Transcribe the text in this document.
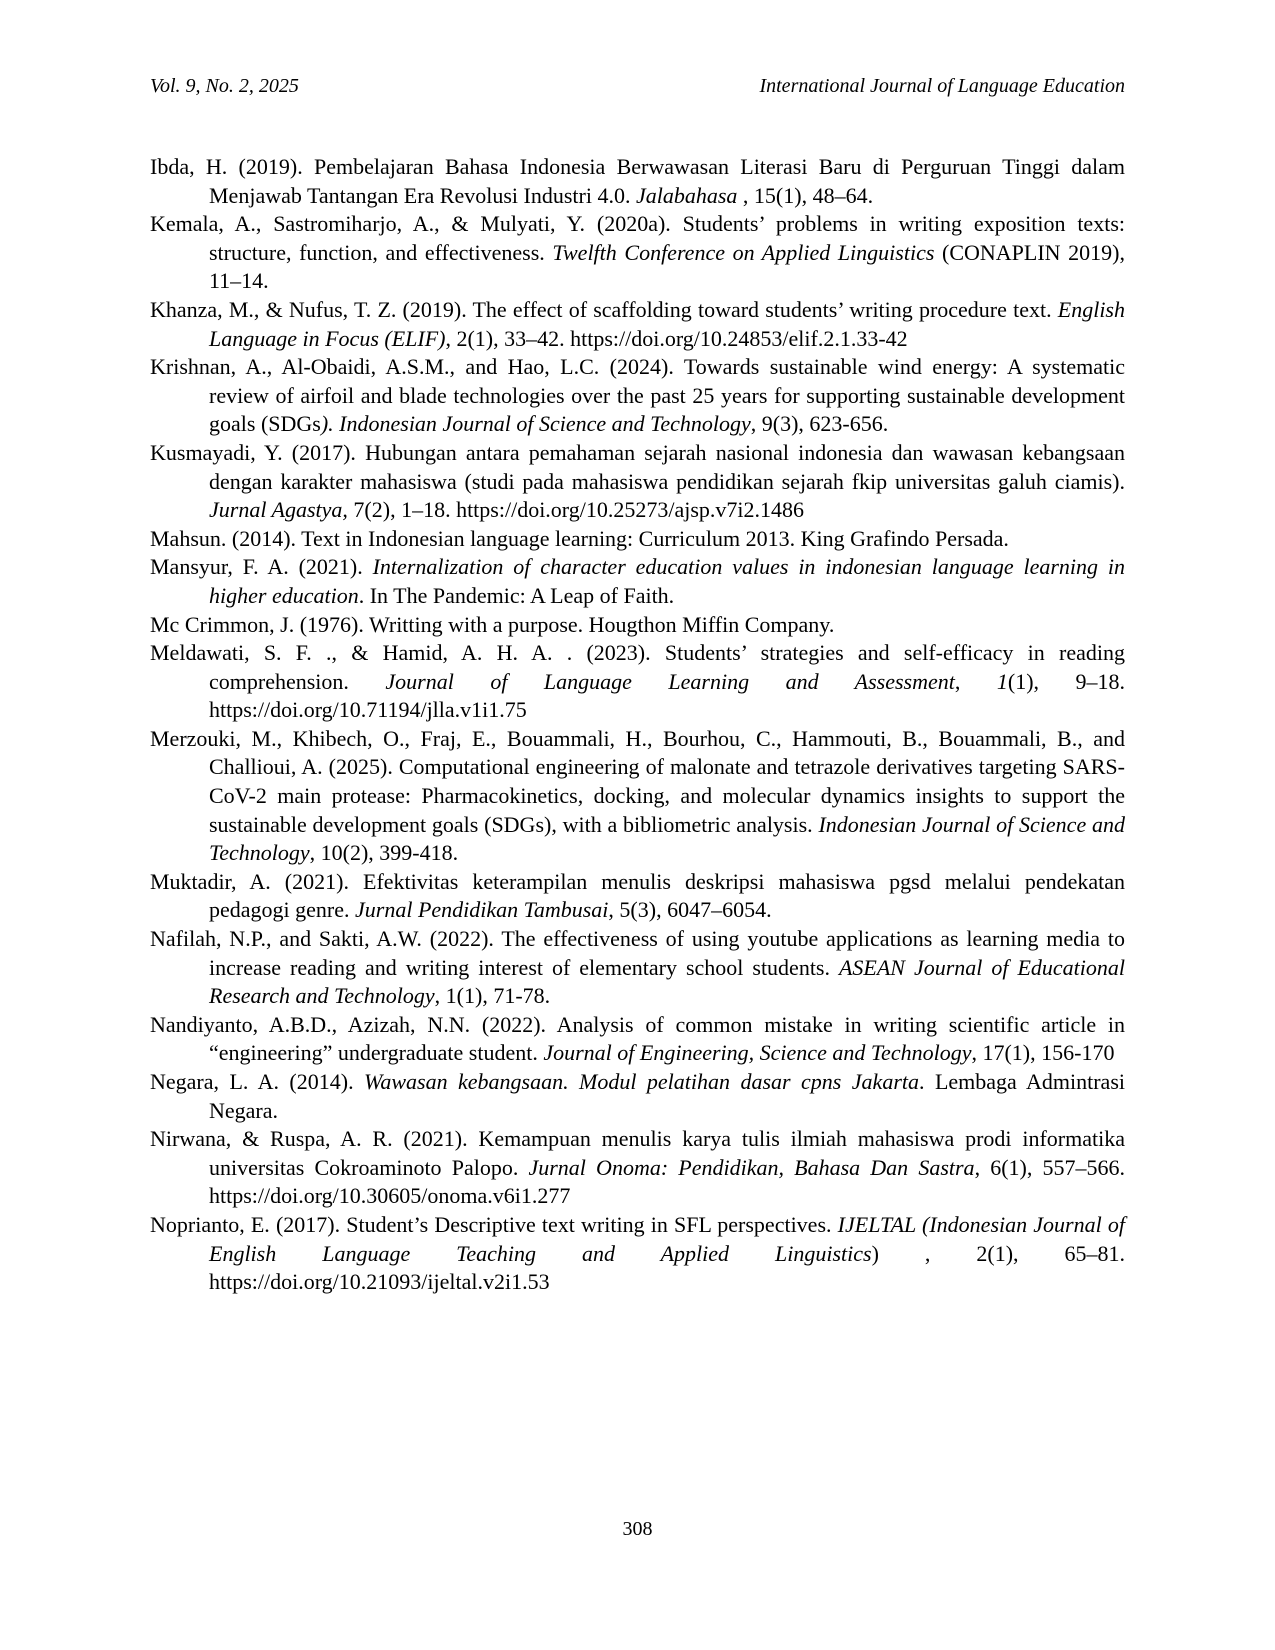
Vol. 9, No. 2, 2025	International Journal of Language Education

Ibda, H. (2019). Pembelajaran Bahasa Indonesia Berwawasan Literasi Baru di Perguruan Tinggi dalam Menjawab Tantangan Era Revolusi Industri 4.0. Jalabahasa , 15(1), 48–64.

Kemala, A., Sastromiharjo, A., & Mulyati, Y. (2020a). Students’ problems in writing exposition texts: structure, function, and effectiveness. Twelfth Conference on Applied Linguistics (CONAPLIN 2019), 11–14.

Khanza, M., & Nufus, T. Z. (2019). The effect of scaffolding toward students’ writing procedure text. English Language in Focus (ELIF), 2(1), 33–42. https://doi.org/10.24853/elif.2.1.33-42

Krishnan, A., Al-Obaidi, A.S.M., and Hao, L.C. (2024). Towards sustainable wind energy: A systematic review of airfoil and blade technologies over the past 25 years for supporting sustainable development goals (SDGs). Indonesian Journal of Science and Technology, 9(3), 623-656.

Kusmayadi, Y. (2017). Hubungan antara pemahaman sejarah nasional indonesia dan wawasan kebangsaan dengan karakter mahasiswa (studi pada mahasiswa pendidikan sejarah fkip universitas galuh ciamis). Jurnal Agastya, 7(2), 1–18. https://doi.org/10.25273/ajsp.v7i2.1486

Mahsun. (2014). Text in Indonesian language learning: Curriculum 2013. King Grafindo Persada.

Mansyur, F. A. (2021). Internalization of character education values in indonesian language learning in higher education. In The Pandemic: A Leap of Faith.

Mc Crimmon, J. (1976). Writting with a purpose. Hougthon Miffin Company.

Meldawati, S. F. ., & Hamid, A. H. A. . (2023). Students’ strategies and self-efficacy in reading comprehension. Journal of Language Learning and Assessment, 1(1), 9–18. https://doi.org/10.71194/jlla.v1i1.75

Merzouki, M., Khibech, O., Fraj, E., Bouammali, H., Bourhou, C., Hammouti, B., Bouammali, B., and Challioui, A. (2025). Computational engineering of malonate and tetrazole derivatives targeting SARS-CoV-2 main protease: Pharmacokinetics, docking, and molecular dynamics insights to support the sustainable development goals (SDGs), with a bibliometric analysis. Indonesian Journal of Science and Technology, 10(2), 399-418.

Muktadir, A. (2021). Efektivitas keterampilan menulis deskripsi mahasiswa pgsd melalui pendekatan pedagogi genre. Jurnal Pendidikan Tambusai, 5(3), 6047–6054.

Nafilah, N.P., and Sakti, A.W. (2022). The effectiveness of using youtube applications as learning media to increase reading and writing interest of elementary school students. ASEAN Journal of Educational Research and Technology, 1(1), 71-78.

Nandiyanto, A.B.D., Azizah, N.N. (2022). Analysis of common mistake in writing scientific article in “engineering” undergraduate student. Journal of Engineering, Science and Technology, 17(1), 156-170

Negara, L. A. (2014). Wawasan kebangsaan. Modul pelatihan dasar cpns Jakarta. Lembaga Admintrasi Negara.

Nirwana, & Ruspa, A. R. (2021). Kemampuan menulis karya tulis ilmiah mahasiswa prodi informatika universitas Cokroaminoto Palopo. Jurnal Onoma: Pendidikan, Bahasa Dan Sastra, 6(1), 557–566. https://doi.org/10.30605/onoma.v6i1.277

Noprianto, E. (2017). Student’s Descriptive text writing in SFL perspectives. IJELTAL (Indonesian Journal of English Language Teaching and Applied Linguistics) , 2(1), 65–81. https://doi.org/10.21093/ijeltal.v2i1.53

308
